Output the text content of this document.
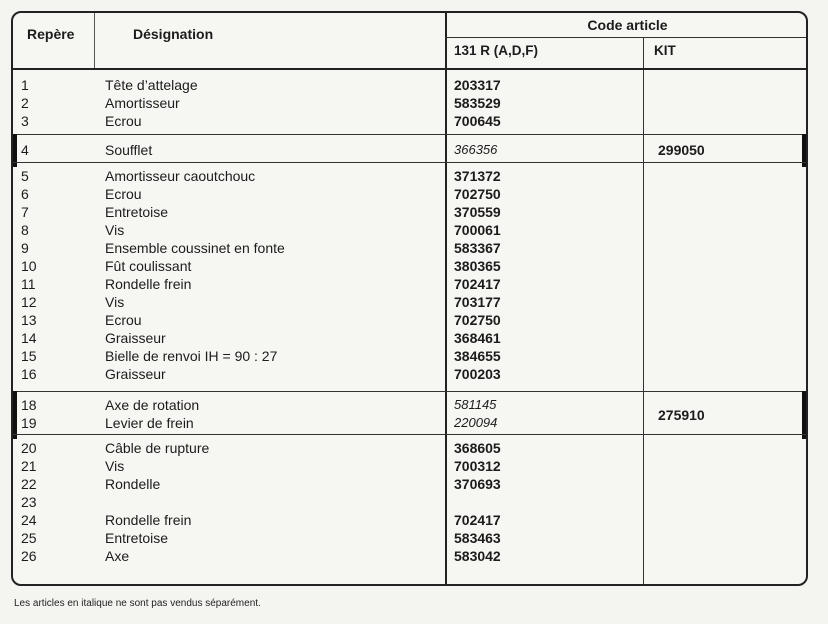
Repère	Désignation
Code article
131 R (A,D,F)	KIT
1	Tête d’attelage	203317
2	Amortisseur	583529
3	Ecrou	700645
4	Soufflet	366356	299050
5	Amortisseur caoutchouc	371372
6	Ecrou	702750
7	Entretoise	370559
8	Vis	700061
9	Ensemble coussinet en fonte	583367
10	Fût coulissant	380365
11	Rondelle frein	702417
12	Vis	703177
13	Ecrou	702750
14	Graisseur	368461
15	Bielle de renvoi IH = 90 : 27	384655
16	Graisseur	700203
18	Axe de rotation	581145
19	Levier de frein	220094	275910
20	Câble de rupture	368605
21	Vis	700312
22	Rondelle	370693
23
24	Rondelle frein	702417
25	Entretoise	583463
26	Axe	583042
Les articles en italique ne sont pas vendus séparément.
